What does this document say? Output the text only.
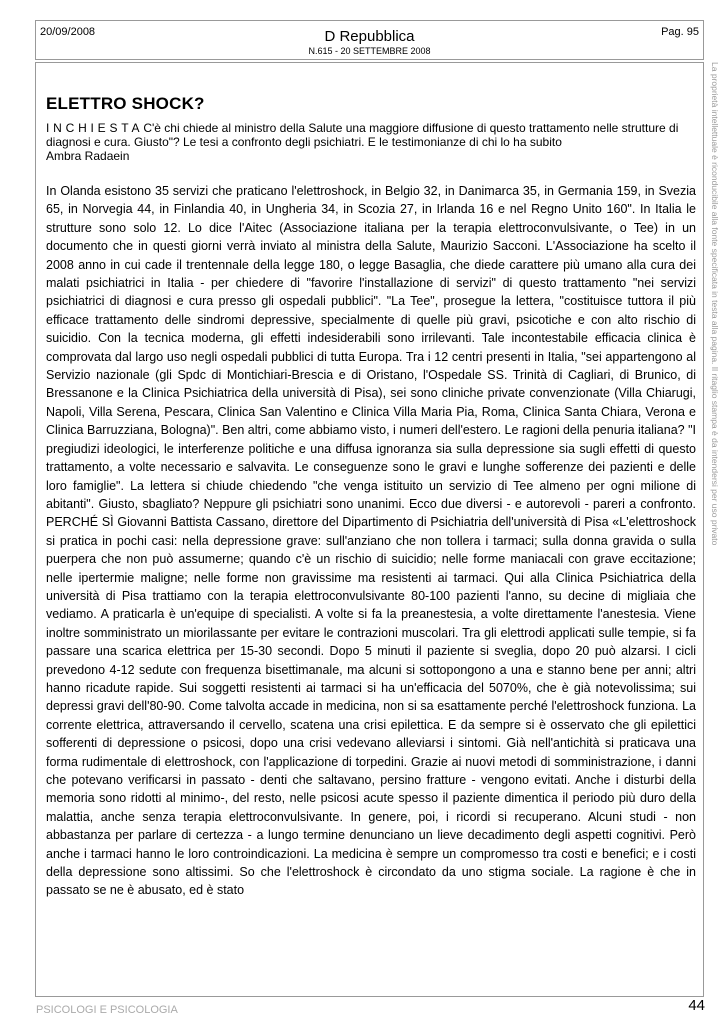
20/09/2008	D Repubblica
N.615 - 20 SETTEMBRE 2008
Pag. 95
ELETTRO SHOCK?

INCHIESTAC'è chi chiede al ministro della Salute una maggiore diffusione di questo trattamento nelle strutture di diagnosi e cura. Giusto"? Le tesi a confronto degli psichiatri. E le testimonianze di chi lo ha subito
Ambra Radaein

In Olanda esistono 35 servizi che praticano l'elettroshock, in Belgio 32, in Danimarca 35, in Germania 159, in Svezia 65, in Norvegia 44, in Finlandia 40, in Ungheria 34, in Scozia 27, in Irlanda 16 e nel Regno Unito 160". In Italia le strutture sono solo 12. Lo dice l'Aitec (Associazione italiana per la terapia elettroconvulsivante, o Tee) in un documento che in questi giorni verrà inviato al ministra della Salute, Maurizio Sacconi. L'Associazione ha scelto il 2008 anno in cui cade il trentennale della legge 180, o legge Basaglia, che diede carattere più umano alla cura dei malati psichiatrici in Italia - per chiedere di "favorire l'installazione di servizi" di questo trattamento "nei servizi psichiatrici di diagnosi e cura presso gli ospedali pubblici". "La Tee", prosegue la lettera, "costituisce tuttora il più efficace trattamento delle sindromi depressive, specialmente di quelle più gravi, psicotiche e con alto rischio di suicidio. Con la tecnica moderna, gli effetti indesiderabili sono irrilevanti. Tale incontestabile efficacia clinica è comprovata dal largo uso negli ospedali pubblici di tutta Europa. Tra i 12 centri presenti in Italia, "sei appartengono al Servizio nazionale (gli Spdc di Montichiari-Brescia e di Oristano, l'Ospedale SS. Trinità di Cagliari, di Brunico, di Bressanone e la Clinica Psichiatrica della università di Pisa), sei sono cliniche private convenzionate (Villa Chiarugi, Napoli, Villa Serena, Pescara, Clinica San Valentino e Clinica Villa Maria Pia, Roma, Clinica Santa Chiara, Verona e Clinica Barruzziana, Bologna)". Ben altri, come abbiamo visto, i numeri dell'estero. Le ragioni della penuria italiana? "I pregiudizi ideologici, le interferenze politiche e una diffusa ignoranza sia sulla depressione sia sugli effetti di questo trattamento, a volte necessario e salvavita. Le conseguenze sono le gravi e lunghe sofferenze dei pazienti e delle loro famiglie". La lettera si chiude chiedendo "che venga istituito un servizio di Tee almeno per ogni milione di abitanti". Giusto, sbagliato? Neppure gli psichiatri sono unanimi. Ecco due diversi - e autorevoli - pareri a confronto. PERCHÉ SÌ Giovanni Battista Cassano, direttore del Dipartimento di Psichiatria dell'università di Pisa «L'elettroshock si pratica in pochi casi: nella depressione grave: sull'anziano che non tollera i tarmaci; sulla donna gravida o sulla puerpera che non può assumerne; quando c'è un rischio di suicidio; nelle forme maniacali con grave eccitazione; nelle ipertermie maligne; nelle forme non gravissime ma resistenti ai tarmaci. Qui alla Clinica Psichiatrica della università di Pisa trattiamo con la terapia elettroconvulsivante 80-100 pazienti l'anno, su decine di migliaia che vediamo. A praticarla è un'equipe di specialisti. A volte si fa la preanestesia, a volte direttamente l'anestesia. Viene inoltre somministrato un miorilassante per evitare le contrazioni muscolari. Tra gli elettrodi applicati sulle tempie, si fa passare una scarica elettrica per 15-30 secondi. Dopo 5 minuti il paziente si sveglia, dopo 20 può alzarsi. I cicli prevedono 4-12 sedute con frequenza bisettimanale, ma alcuni si sottopongono a una e stanno bene per anni; altri hanno ricadute rapide. Sui soggetti resistenti ai tarmaci si ha un'efficacia del 5070%, che è già notevolissima; sui depressi gravi dell'80-90. Come talvolta accade in medicina, non si sa esattamente perché l'elettroshock funziona. La corrente elettrica, attraversando il cervello, scatena una crisi epilettica. E da sempre si è osservato che gli epilettici sofferenti di depressione o psicosi, dopo una crisi vedevano alleviarsi i sintomi. Già nell'antichità si praticava una forma rudimentale di elettroshock, con l'applicazione di torpedini. Grazie ai nuovi metodi di somministrazione, i danni che potevano verificarsi in passato - denti che saltavano, persino fratture - vengono evitati. Anche i disturbi della memoria sono ridotti al minimo-, del resto, nelle psicosi acute spesso il paziente dimentica il periodo più duro della malattia, anche senza terapia elettroconvulsivante. In genere, poi, i ricordi si recuperano. Alcuni studi - non abbastanza per parlare di certezza - a lungo termine denunciano un lieve decadimento degli aspetti cognitivi. Però anche i tarmaci hanno le loro controindicazioni. La medicina è sempre un compromesso tra costi e benefici; e i costi della depressione sono altissimi. So che l'elettroshock è circondato da uno stigma sociale. La ragione è che in passato se ne è abusato, ed è stato

La proprietà intellettuale è riconducibile alla fonte specificata in testa alla pagina. Il ritaglio stampa è da intendersi per uso privato
PSICOLOGI E PSICOLOGIA	44
